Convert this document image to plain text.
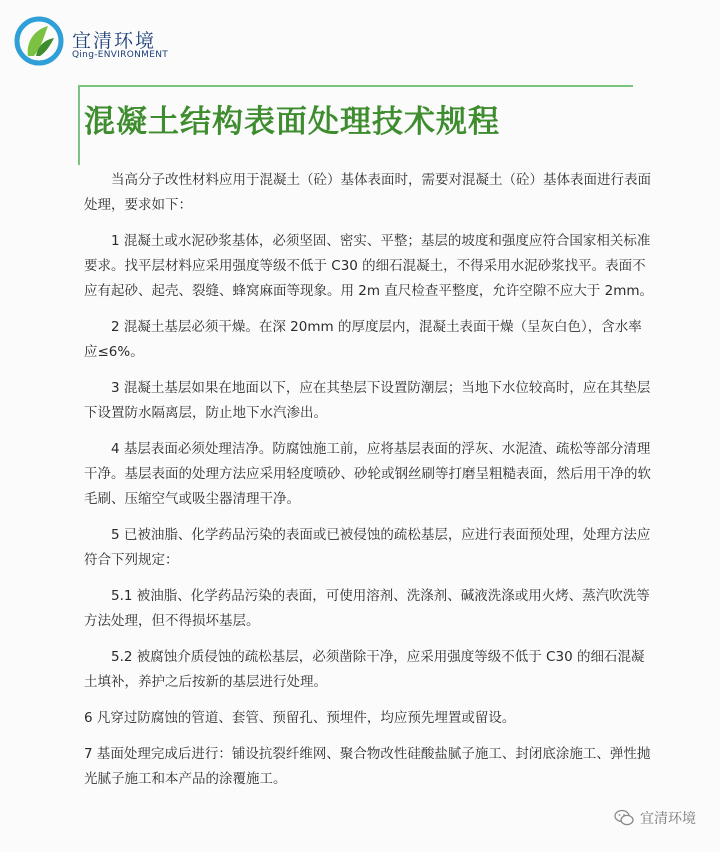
宜清环境
Qing-ENVIRONMENT
混凝土结构表面处理技术规程

当高分子改性材料应用于混凝土（砼）基体表面时，需要对混凝土（砼）基体表面进行表面处理，要求如下：

1 混凝土或水泥砂浆基体，必须坚固、密实、平整；基层的坡度和强度应符合国家相关标准要求。找平层材料应采用强度等级不低于 C30 的细石混凝土，不得采用水泥砂浆找平。表面不应有起砂、起壳、裂缝、蜂窝麻面等现象。用 2m 直尺检查平整度，允许空隙不应大于 2mm。

2 混凝土基层必须干燥。在深 20mm 的厚度层内，混凝土表面干燥（呈灰白色），含水率应≤6%。

3 混凝土基层如果在地面以下，应在其垫层下设置防潮层；当地下水位较高时，应在其垫层下设置防水隔离层，防止地下水汽渗出。

4 基层表面必须处理洁净。防腐蚀施工前，应将基层表面的浮灰、水泥渣、疏松等部分清理干净。基层表面的处理方法应采用轻度喷砂、砂轮或钢丝刷等打磨呈粗糙表面，然后用干净的软毛刷、压缩空气或吸尘器清理干净。

5 已被油脂、化学药品污染的表面或已被侵蚀的疏松基层，应进行表面预处理，处理方法应符合下列规定：

5.1 被油脂、化学药品污染的表面，可使用溶剂、洗涤剂、碱液洗涤或用火烤、蒸汽吹洗等方法处理，但不得损坏基层。

5.2 被腐蚀介质侵蚀的疏松基层，必须凿除干净，应采用强度等级不低于 C30 的细石混凝土填补，养护之后按新的基层进行处理。

6 凡穿过防腐蚀的管道、套管、预留孔、预埋件，均应预先埋置或留设。

7 基面处理完成后进行：铺设抗裂纤维网、聚合物改性硅酸盐腻子施工、封闭底涂施工、弹性抛光腻子施工和本产品的涂覆施工。

宜清环境
